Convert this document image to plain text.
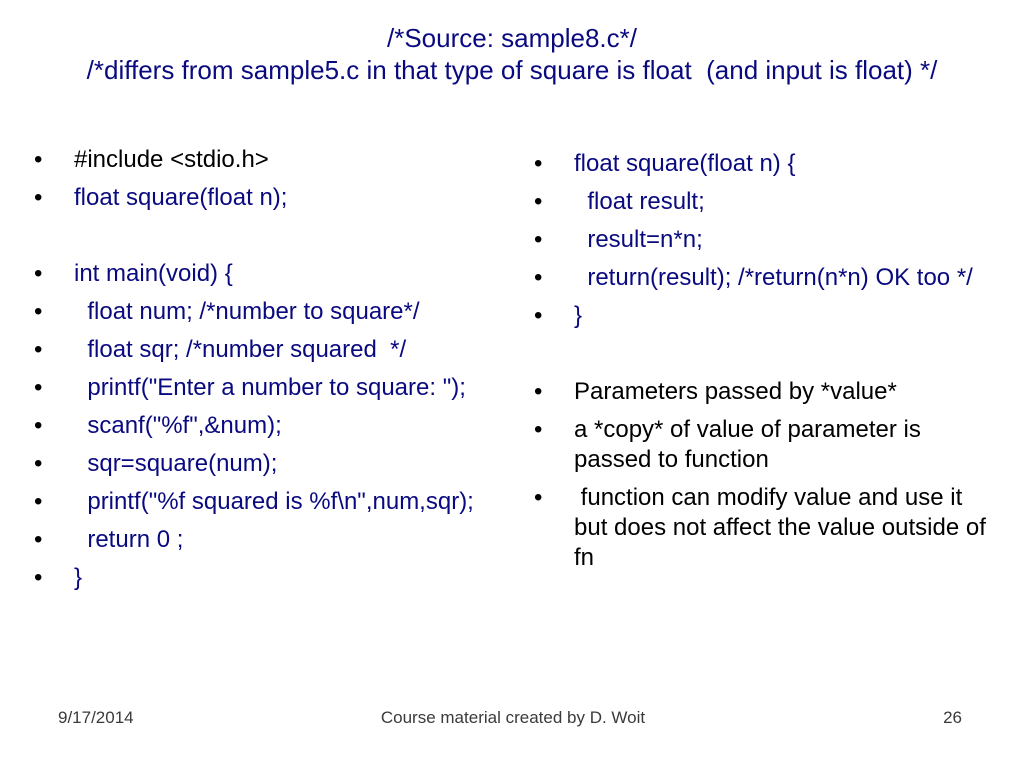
/*Source: sample8.c*/
/*differs from sample5.c in that type of square is float  (and input is float) */
• #include <stdio.h>
• float square(float n);
• int main(void) {
• float num; /*number to square*/
• float sqr; /*number squared  */
• printf("Enter a number to square: ");
• scanf("%f",&num);
• sqr=square(num);
• printf("%f squared is %f\n",num,sqr);
• return 0 ;
• }
• float square(float n) {
• float result;
• result=n*n;
• return(result); /*return(n*n) OK too */
• }
• Parameters passed by *value*
• a *copy* of value of parameter is passed to function
• function can modify value and use it but does not affect the value outside of fn
9/17/2014	Course material created by D. Woit	26
